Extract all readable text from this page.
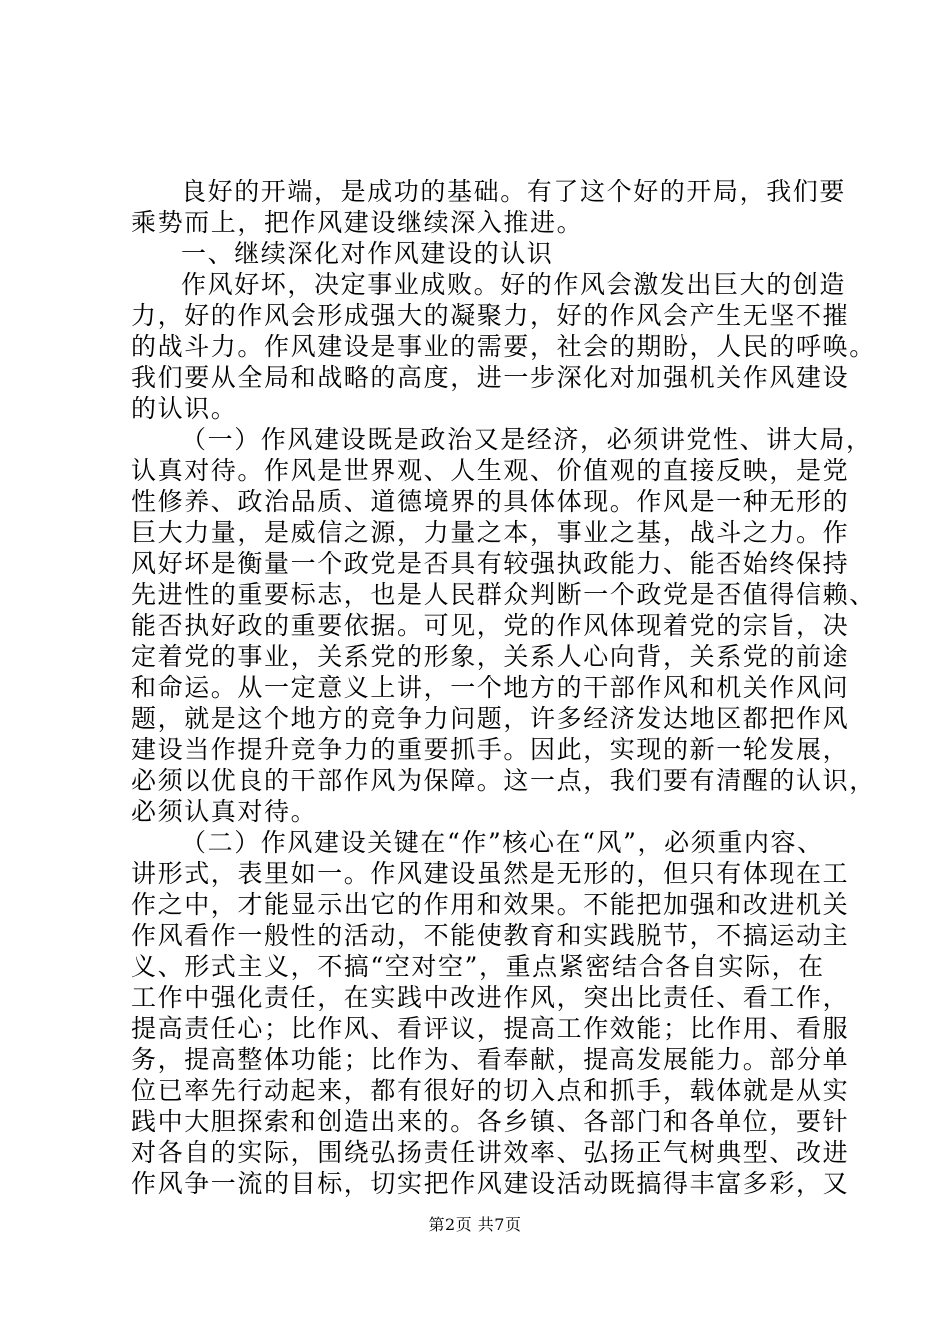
良好的开端，是成功的基础。有了这个好的开局，我们要
乘势而上，把作风建设继续深入推进。
一、继续深化对作风建设的认识
作风好坏，决定事业成败。好的作风会激发出巨大的创造
力，好的作风会形成强大的凝聚力，好的作风会产生无坚不摧
的战斗力。作风建设是事业的需要，社会的期盼，人民的呼唤。
我们要从全局和战略的高度，进一步深化对加强机关作风建设
的认识。
（一）作风建设既是政治又是经济，必须讲党性、讲大局，
认真对待。作风是世界观、人生观、价值观的直接反映，是党
性修养、政治品质、道德境界的具体体现。作风是一种无形的
巨大力量，是威信之源，力量之本，事业之基，战斗之力。作
风好坏是衡量一个政党是否具有较强执政能力、能否始终保持
先进性的重要标志，也是人民群众判断一个政党是否值得信赖、
能否执好政的重要依据。可见，党的作风体现着党的宗旨，决
定着党的事业，关系党的形象，关系人心向背，关系党的前途
和命运。从一定意义上讲，一个地方的干部作风和机关作风问
题，就是这个地方的竞争力问题，许多经济发达地区都把作风
建设当作提升竞争力的重要抓手。因此，实现的新一轮发展，
必须以优良的干部作风为保障。这一点，我们要有清醒的认识，
必须认真对待。
（二）作风建设关键在“作”核心在“风”，必须重内容、
讲形式，表里如一。作风建设虽然是无形的，但只有体现在工
作之中，才能显示出它的作用和效果。不能把加强和改进机关
作风看作一般性的活动，不能使教育和实践脱节，不搞运动主
义、形式主义，不搞“空对空”，重点紧密结合各自实际，在
工作中强化责任，在实践中改进作风，突出比责任、看工作，
提高责任心；比作风、看评议，提高工作效能；比作用、看服
务，提高整体功能；比作为、看奉献，提高发展能力。部分单
位已率先行动起来，都有很好的切入点和抓手，载体就是从实
践中大胆探索和创造出来的。各乡镇、各部门和各单位，要针
对各自的实际，围绕弘扬责任讲效率、弘扬正气树典型、改进
作风争一流的目标，切实把作风建设活动既搞得丰富多彩，又
第2页 共7页
